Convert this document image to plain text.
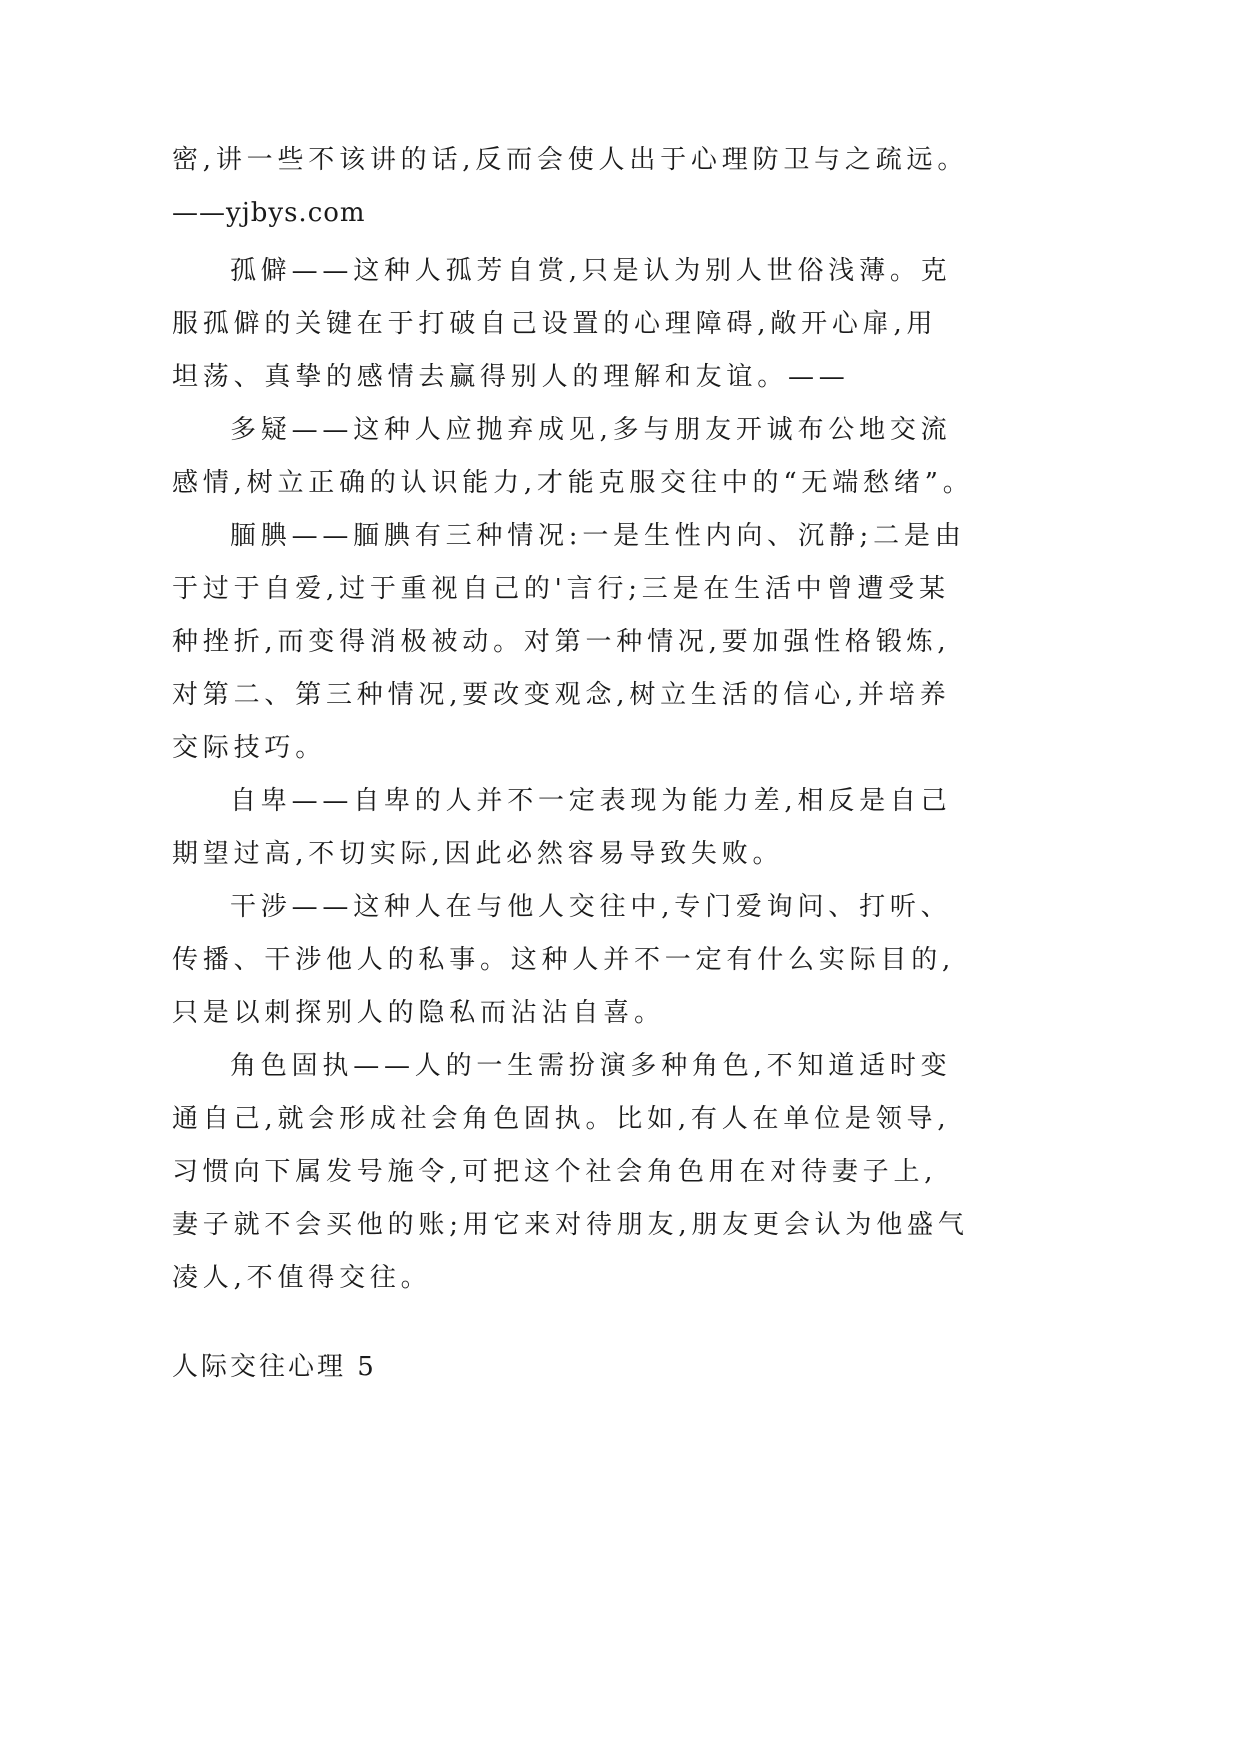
密,讲一些不该讲的话,反而会使人出于心理防卫与之疏远。
——yjbys.com
孤僻——这种人孤芳自赏,只是认为别人世俗浅薄。克
服孤僻的关键在于打破自己设置的心理障碍,敞开心扉,用
坦荡、真挚的感情去赢得别人的理解和友谊。——
多疑——这种人应抛弃成见,多与朋友开诚布公地交流
感情,树立正确的认识能力,才能克服交往中的“无端愁绪”。
腼腆——腼腆有三种情况:一是生性内向、沉静;二是由
于过于自爱,过于重视自己的'言行;三是在生活中曾遭受某
种挫折,而变得消极被动。对第一种情况,要加强性格锻炼,
对第二、第三种情况,要改变观念,树立生活的信心,并培养
交际技巧。
自卑——自卑的人并不一定表现为能力差,相反是自己
期望过高,不切实际,因此必然容易导致失败。
干涉——这种人在与他人交往中,专门爱询问、打听、
传播、干涉他人的私事。这种人并不一定有什么实际目的,
只是以刺探别人的隐私而沾沾自喜。
角色固执——人的一生需扮演多种角色,不知道适时变
通自己,就会形成社会角色固执。比如,有人在单位是领导,
习惯向下属发号施令,可把这个社会角色用在对待妻子上,
妻子就不会买他的账;用它来对待朋友,朋友更会认为他盛气
凌人,不值得交往。
人际交往心理 5
